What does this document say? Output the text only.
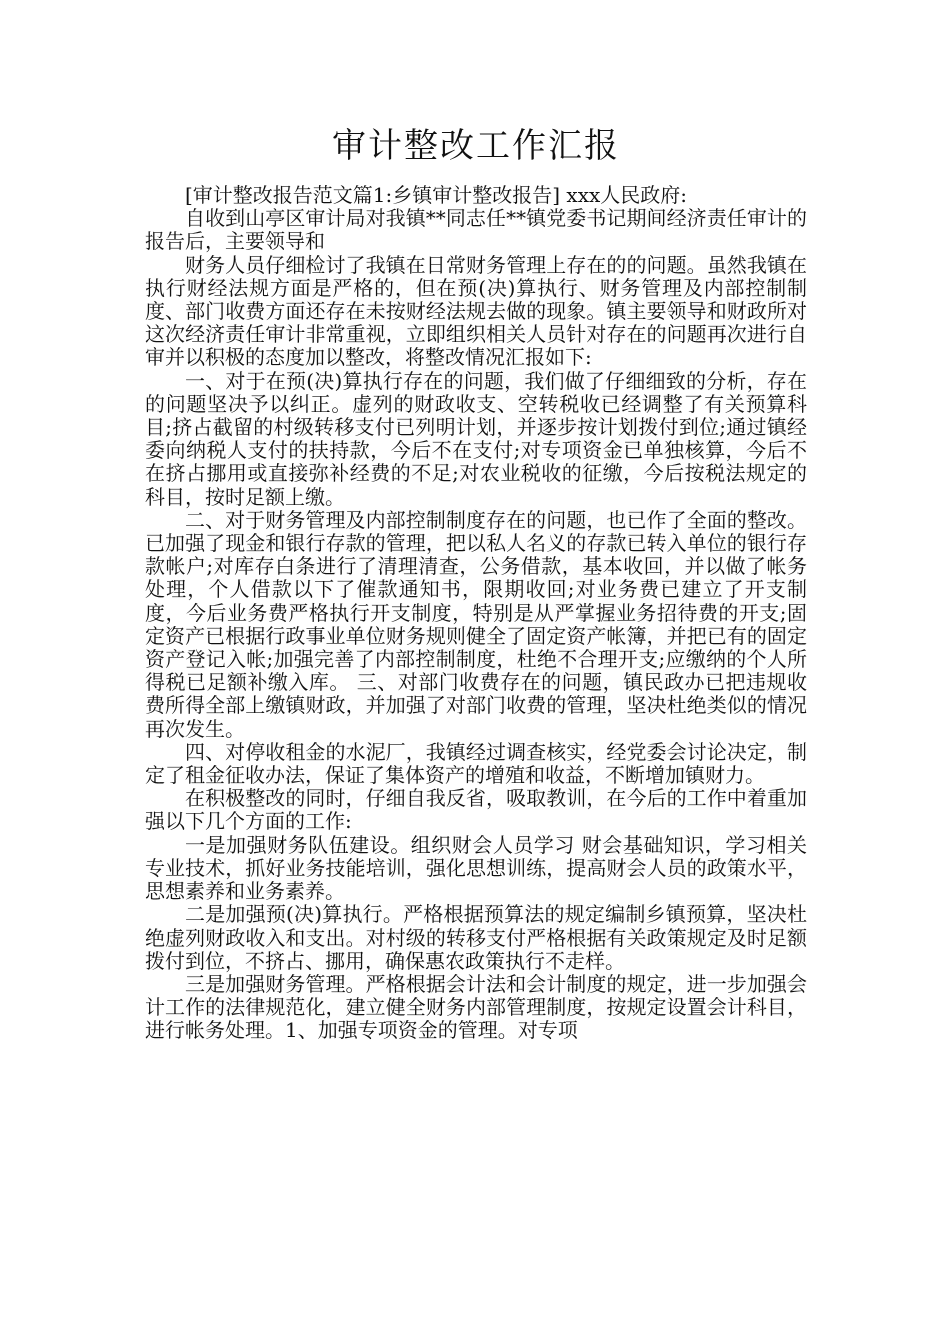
审计整改工作汇报

[审计整改报告范文篇1:乡镇审计整改报告] xxx人民政府:

自收到山亭区审计局对我镇**同志任**镇党委书记期间经济责任审计的报告后，主要领导和

财务人员仔细检讨了我镇在日常财务管理上存在的的问题。虽然我镇在执行财经法规方面是严格的，但在预(决)算执行、财务管理及内部控制制度、部门收费方面还存在未按财经法规去做的现象。镇主要领导和财政所对这次经济责任审计非常重视，立即组织相关人员针对存在的问题再次进行自审并以积极的态度加以整改，将整改情况汇报如下:

一、对于在预(决)算执行存在的问题，我们做了仔细细致的分析，存在的问题坚决予以纠正。虚列的财政收支、空转税收已经调整了有关预算科目;挤占截留的村级转移支付已列明计划，并逐步按计划拨付到位;通过镇经委向纳税人支付的扶持款，今后不在支付;对专项资金已单独核算，今后不在挤占挪用或直接弥补经费的不足;对农业税收的征缴，今后按税法规定的科目，按时足额上缴。

二、对于财务管理及内部控制制度存在的问题，也已作了全面的整改。已加强了现金和银行存款的管理，把以私人名义的存款已转入单位的银行存款帐户;对库存白条进行了清理清查，公务借款，基本收回，并以做了帐务处理，个人借款以下了催款通知书，限期收回;对业务费已建立了开支制度，今后业务费严格执行开支制度，特别是从严掌握业务招待费的开支;固定资产已根据行政事业单位财务规则健全了固定资产帐簿，并把已有的固定资产登记入帐;加强完善了内部控制制度，杜绝不合理开支;应缴纳的个人所得税已足额补缴入库。 三、对部门收费存在的问题，镇民政办已把违规收费所得全部上缴镇财政，并加强了对部门收费的管理，坚决杜绝类似的情况再次发生。

四、对停收租金的水泥厂，我镇经过调查核实，经党委会讨论决定，制定了租金征收办法，保证了集体资产的增殖和收益，不断增加镇财力。

在积极整改的同时，仔细自我反省，吸取教训，在今后的工作中着重加强以下几个方面的工作:

一是加强财务队伍建设。组织财会人员学习 财会基础知识，学习相关专业技术，抓好业务技能培训，强化思想训练，提高财会人员的政策水平，思想素养和业务素养。

二是加强预(决)算执行。严格根据预算法的规定编制乡镇预算，坚决杜绝虚列财政收入和支出。对村级的转移支付严格根据有关政策规定及时足额拨付到位，不挤占、挪用，确保惠农政策执行不走样。

三是加强财务管理。严格根据会计法和会计制度的规定，进一步加强会计工作的法律规范化，建立健全财务内部管理制度，按规定设置会计科目，进行帐务处理。1、加强专项资金的管理。对专项
